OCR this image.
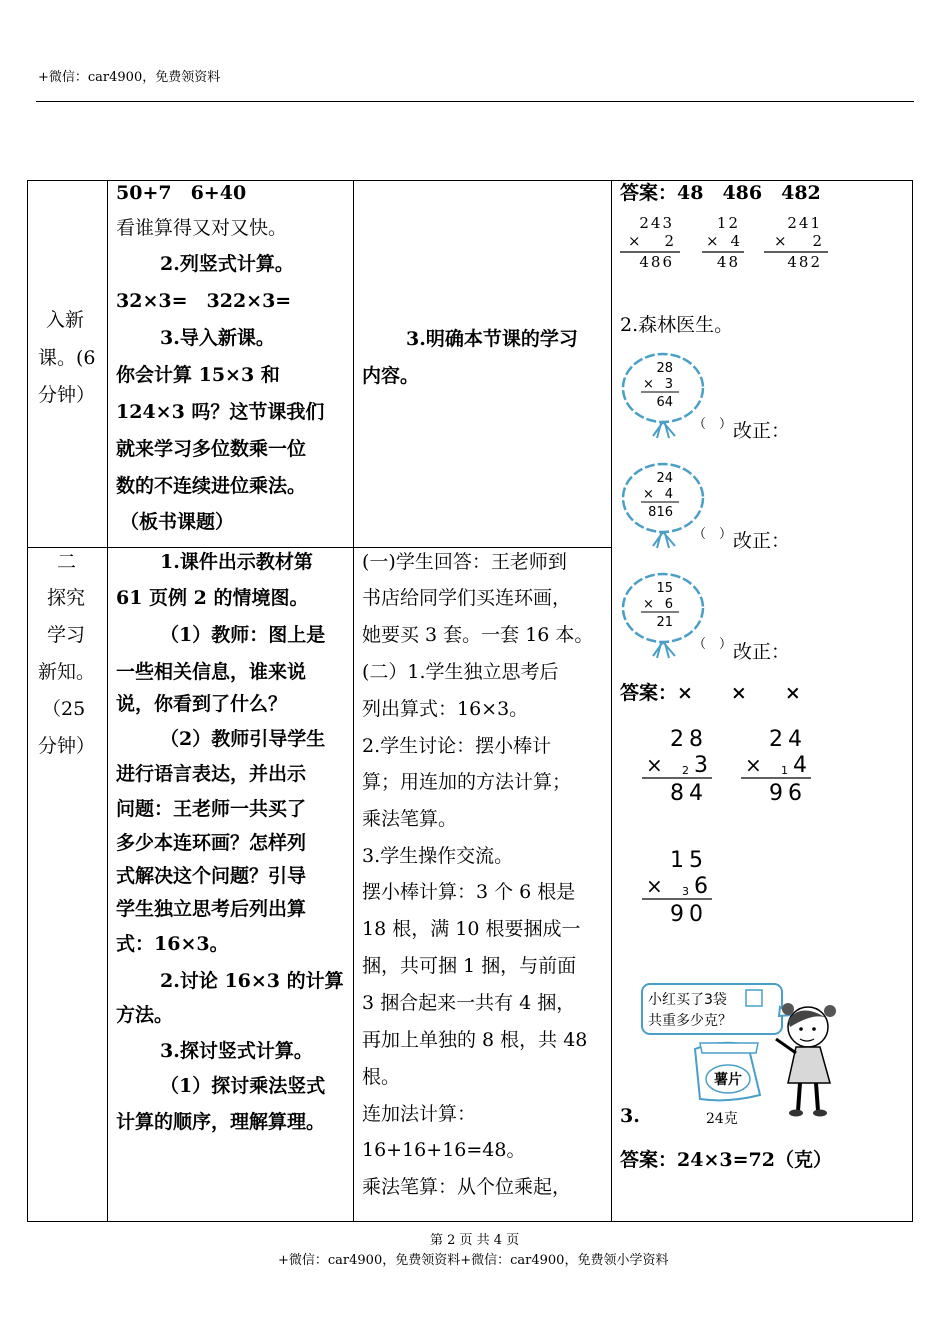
+微信：car4900，免费领资料
入新
课。(6
分钟）
50+7　6+40
看谁算得又对又快。
2.列竖式计算。
32×3=　322×3=
3.导入新课。
你会计算 15×3 和
124×3 吗？这节课我们
就来学习多位数乘一位
数的不连续进位乘法。
（板书课题）
3.明确本节课的学习
内容。
二
探究
学习
新知。
（25
分钟）
1.课件出示教材第
61 页例 2 的情境图。
（1）教师：图上是
一些相关信息，谁来说
说，你看到了什么？
（2）教师引导学生
进行语言表达，并出示
问题：王老师一共买了
多少本连环画？怎样列
式解决这个问题？引导
学生独立思考后列出算
式：16×3。
2.讨论 16×3 的计算
方法。
3.探讨竖式计算。
（1）探讨乘法竖式
计算的顺序，理解算理。
(一)学生回答：王老师到
书店给同学们买连环画，
她要买 3 套。一套 16 本。
(二）1.学生独立思考后
列出算式：16×3。
2.学生讨论：摆小棒计
算；用连加的方法计算；
乘法笔算。
3.学生操作交流。
摆小棒计算：3 个 6 根是
18 根，满 10 根要捆成一
捆，共可捆 1 捆，与前面
3 捆合起来一共有 4 捆，
再加上单独的 8 根，共 48
根。
连加法计算：
16+16+16=48。
乘法笔算：从个位乘起，
答案：48　486　482
243
× 2
486
12
× 4
48
241
× 2
482
2.森林医生。
28
× 3
64
（　） 改正：
24
× 4
816
（　） 改正：
15
× 6
21
（　） 改正：
答案：×　　×　　×
28
× 2 3
84
24
× 1 4
96
15
× 3 6
90
3.
小红买了3袋
共重多少克？
薯片
24克
答案：24×3=72（克）
第 2 页 共 4 页
+微信：car4900，免费领资料+微信：car4900，免费领小学资料
